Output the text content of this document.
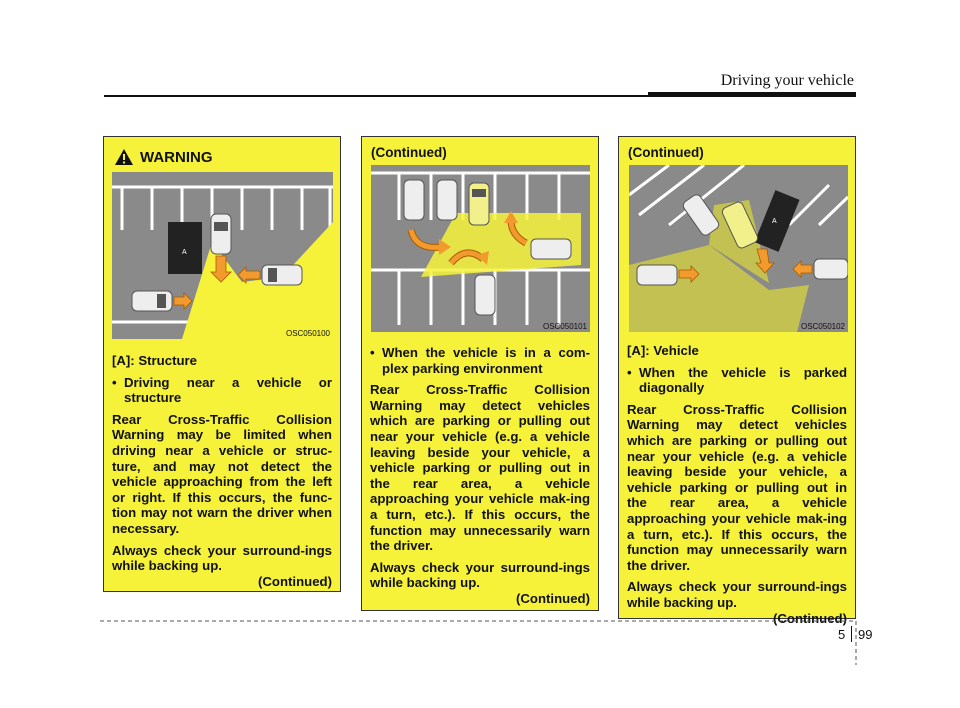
Driving your vehicle
WARNING
A
OSC050100

[A]: Structure

• Driving near a vehicle or structure

Rear Cross-Traffic Collision Warning may be limited when driving near a vehicle or struc-ture, and may not detect the vehicle approaching from the left or right. If this occurs, the func-tion may not warn the driver when necessary.

Always check your surround-ings while backing up.

(Continued)

(Continued)
OSC050101

• When the vehicle is in a com-plex parking environment

Rear Cross-Traffic Collision Warning may detect vehicles which are parking or pulling out near your vehicle (e.g. a vehicle leaving beside your vehicle, a vehicle parking or pulling out in the rear area, a vehicle approaching your vehicle mak-ing a turn, etc.). If this occurs, the function may unnecessarily warn the driver.

Always check your surround-ings while backing up.

(Continued)

(Continued)
A
OSC050102

[A]: Vehicle

• When the vehicle is parked diagonally

Rear Cross-Traffic Collision Warning may detect vehicles which are parking or pulling out near your vehicle (e.g. a vehicle leaving beside your vehicle, a vehicle parking or pulling out in the rear area, a vehicle approaching your vehicle mak-ing a turn, etc.). If this occurs, the function may unnecessarily warn the driver.

Always check your surround-ings while backing up.

(Continued)

5 99
